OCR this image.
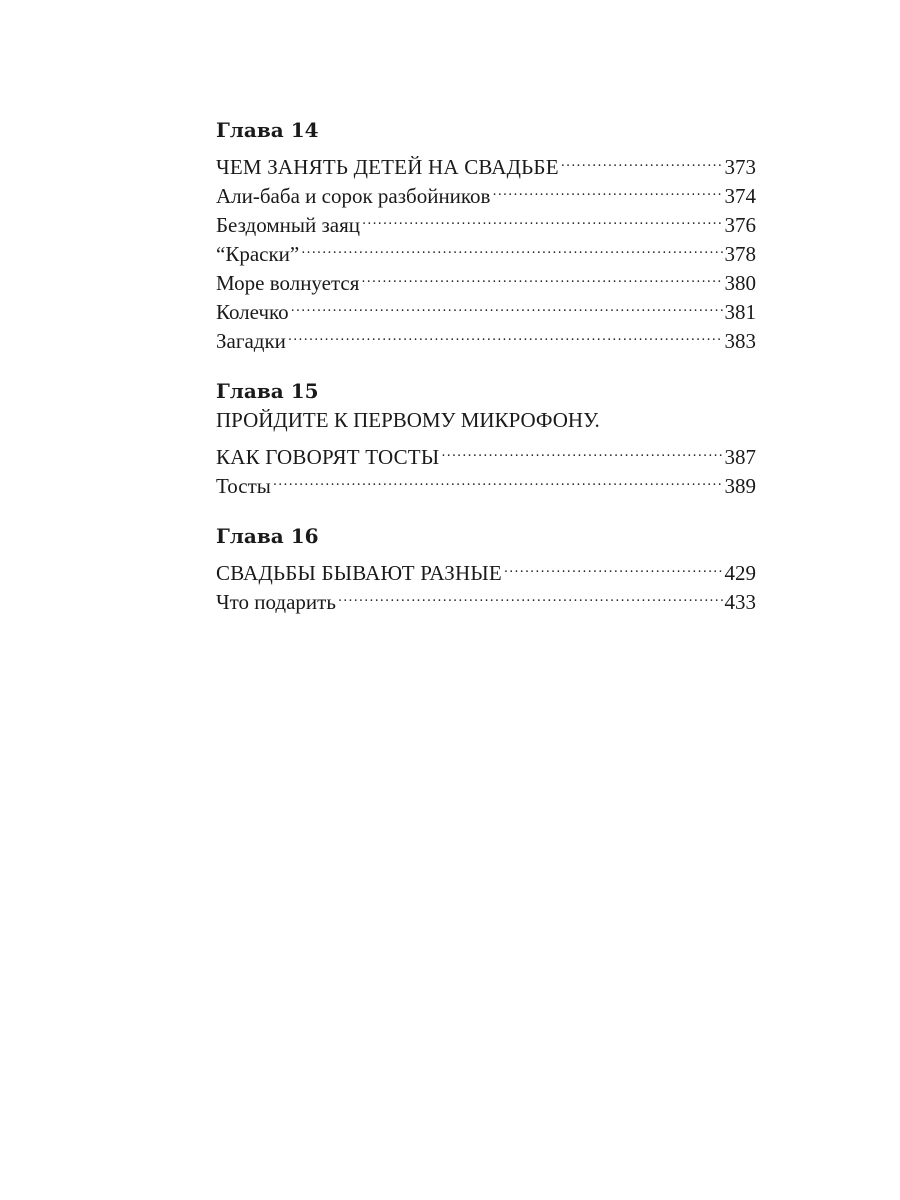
Глава 14
ЧЕМ ЗАНЯТЬ ДЕТЕЙ НА СВАДЬБЕ .....	373
Али-баба и сорок разбойников .....	374
Бездомный заяц .....	376
“Краски” .....	378
Море волнуется .....	380
Колечко .....	381
Загадки .....	383
Глава 15
ПРОЙДИТЕ К ПЕРВОМУ МИКРОФОНУ.
КАК ГОВОРЯТ ТОСТЫ .....	387
Тосты .....	389
Глава 16
СВАДЬБЫ БЫВАЮТ РАЗНЫЕ .....	429
Что подарить .....	433
